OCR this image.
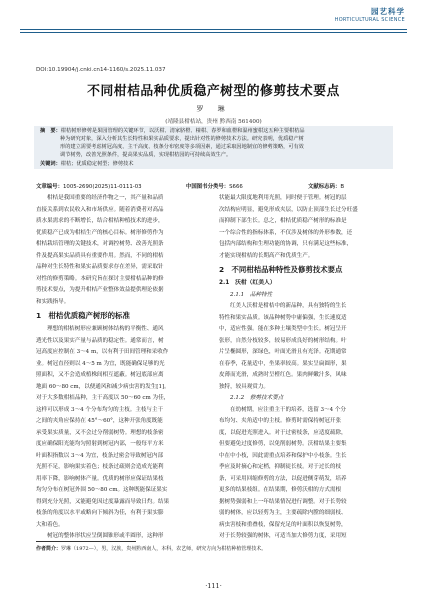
园艺科学
HORTICULTURAL SCIENCE
DOI:10.19904/j.cnki.cn14-1160/s.2025.11.037
不同柑桔品种优质稳产树型的修剪技术要点
罗 琳
(靖隆县柑桔站，贵州 黔西南 561400)
摘　要：柑桔树形修剪是果园管理的关键环节，以沃柑、清家脐橙、椪柑、春罗和血橙和温州蜜柑这五种主要柑桔品
种为研究对象，深入分析其生长特性和果实品质要求，提出针对性的修剪技术方法。研究表明，优质稳产树
形的建立需要考虑树冠高度、主干高度、枝条分布密度等多项因素，通过采取因地制宜的修剪策略，可有效
调节树势，改善光照条件，提高果实品质，实现柑桔园的可持续高效生产。
关键词：柑桔；优质稳定树型；修剪技术
文章编号：1005-2690(2025)11-0111-03	中国图书分类号：S666	文献标志码：B
柑桔是我国重要的经济作物之一，其产量和品质
直接关系到农民收入和市场供应。随着消费者对高品
质水果需求的不断增长，结合柑桔种植技术的进步，
优质稳产已成为柑桔生产的核心目标。树形修剪作为
柑桔栽培管理的关键技术，对调控树势、改善光照条
件及提高果实品质具有重要作用。然而，不同的柑桔
品种对生长特性和果实品质要求存在差异，需采取针
对性的修剪策略。本研究旨在探讨主要柑桔品种的修
剪技术要点，为提升柑桔产业整体效益提供理论依据
和实践指导。
1　柑桔优质稳产树形的标准
理想的柑桔树形应兼顾树体结构的平衡性、通风
透光性以及果实产量与品质的稳定性。通常而言，树
冠高度应控制在 3～4 m，以有利于田间管理和采收作
业。树冠直径则以 4～5 m 为宜，既能确保足够的光
照面积，又不会造成植株间相互遮蔽。树冠底部应离
地面 60～80 cm，以便通风和减少病虫害的发生[1]。
对于大多数柑桔品种，主干高度以 50～60 cm 为佳，
这样可以形成 3～4 个分布均匀的主枝。主枝与主干
之间的夹角应保持在 45°～60°，这种开张角度既能
承受果实质量，又不会过分削弱树势。理想的枝条密
度应确保阳光能均匀照射到树冠内部，一般每平方米
叶面积指数以 3～4 为宜，枝条过密会导致树冠内部
光照不足，影响果实着色；枝条过疏则会造成光能利
用率下降，影响树体产量。优质的树形应保证结果枝
均匀分布在树冠外围 50～80 cm。这种既能保证果实
得到充分光照，又能避免因过度暴露而导致日灼。结果
枝条的角度以水平或略向下倾斜为佳，有利于果实膨
大和着色。
树冠的整体形状应呈倒圆锥形或半圆形，这种形
状能最大限度地利用光照，同时便于管理。树冠的层
次结构应明显，避免形成夹层，以防止顶部生长过分旺盛
而抑制下部生长。总之，柑桔优质稳产树形的标准是
一个综合性的指标体系，不仅涉及树体的外形参数，还
包括内部结构和生理功能的协调，只有满足这些标准，
才能实现柑桔的长期高产和优质生产。
2　不同柑桔品种特性及修剪技术要点
2.1　沃柑（红美人）
2.1.1　品种特性
红美人沃柑是柑桔中的新品种，具有独特的生长
特性和果实品质。该品种树势中庸偏强，生长速度适
中，适应性强。能在多种土壤类型中生长。树冠呈开
张形，自然分枝较多，较易形成良好的树形结构。叶
片呈椭圆形，深绿色，叶面光滑且有光泽。花期通常
在春季，花量适中，坐果率较高。果实呈扁圆形，果
皮薄而光滑，成熟时呈橙红色。果肉鲜嫩汁多，风味
独特，较具观赏力。
2.1.2　修剪技术要点
在幼树期，应注重主干的培养，选留 3～4 个分
布均匀、夹角适中的主枝。修剪时需保持树冠开张
度，以促进光照进入。对于过密枝条，应适度疏除，
但要避免过度修剪，以免削弱树势。沃柑结果主要集
中在中小枝，因此需重点培养和保护中小枝条。生长
季应及时摘心和定梢，抑制徒长枝。对于过长的枝
条，可采用回缩修剪的方法，以促进侧芽萌发，培养
更多的结果枝组。在结果期，修剪沃柑的方式需根
据树势强弱和上一年结果情况进行调整。对于长势较
弱的树体，应以轻剪为主，主要疏除内膛的细弱枝、
病虫害枝和重叠枝，保留充足的叶面积以恢复树势，
对于长势较强的树体，可适当加大修剪力度，采用短
作者简介：罗琳（1972—），男，汉族，贵州黔西南人，本科，农艺师，研究方向为柑桔种植管理技术。
·111·
